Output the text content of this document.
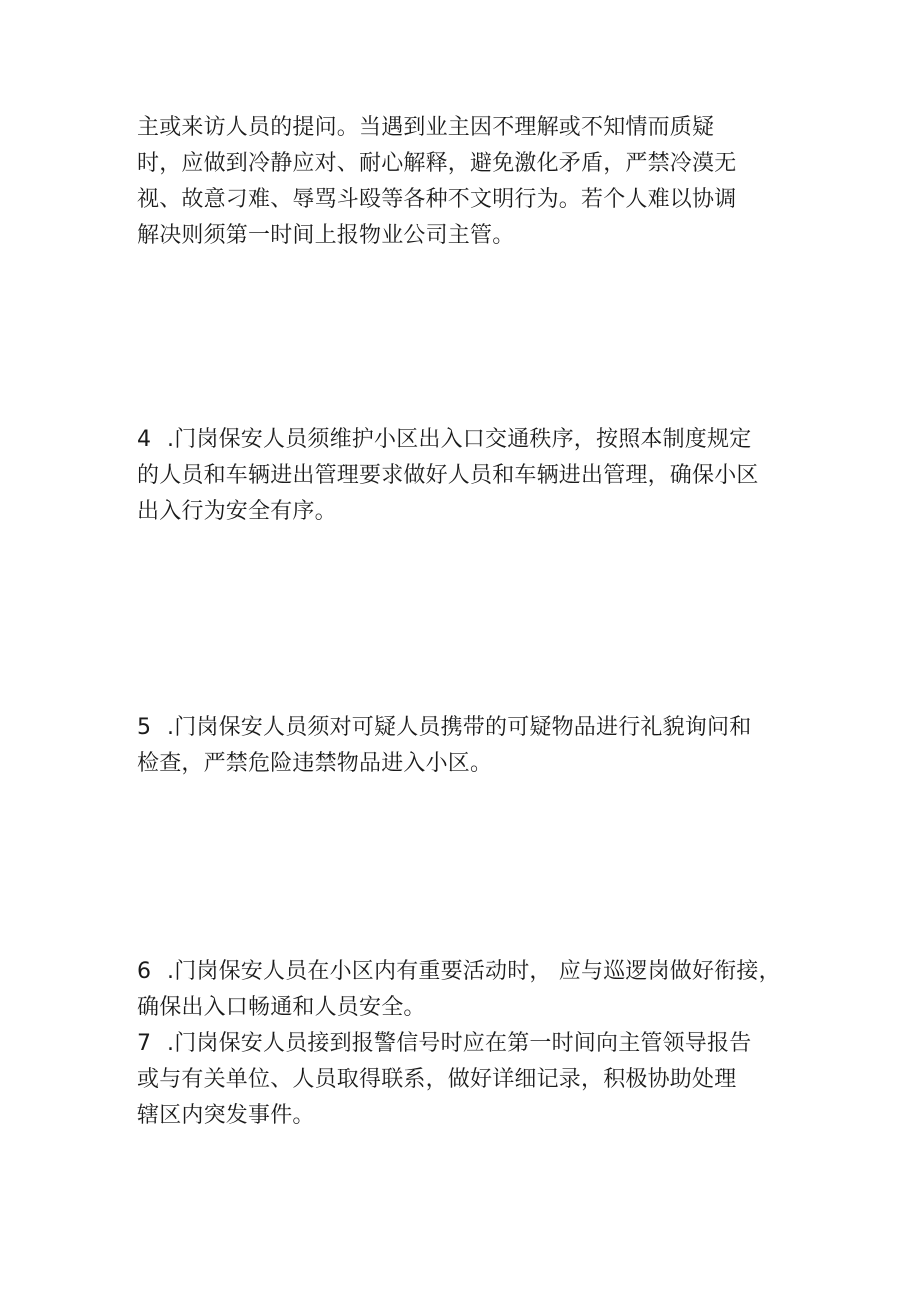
主或来访人员的提问。当遇到业主因不理解或不知情而质疑
时，应做到冷静应对、耐心解释，避免激化矛盾，严禁冷漠无
视、故意刁难、辱骂斗殴等各种不文明行为。若个人难以协调
解决则须第一时间上报物业公司主管。
4 .门岗保安人员须维护小区出入口交通秩序，按照本制度规定
的人员和车辆进出管理要求做好人员和车辆进出管理，确保小区
出入行为安全有序。
5 .门岗保安人员须对可疑人员携带的可疑物品进行礼貌询问和
检查，严禁危险违禁物品进入小区。
6 .门岗保安人员在小区内有重要活动时， 应与巡逻岗做好衔接，
确保出入口畅通和人员安全。
7 .门岗保安人员接到报警信号时应在第一时间向主管领导报告
或与有关单位、人员取得联系，做好详细记录，积极协助处理
辖区内突发事件。
